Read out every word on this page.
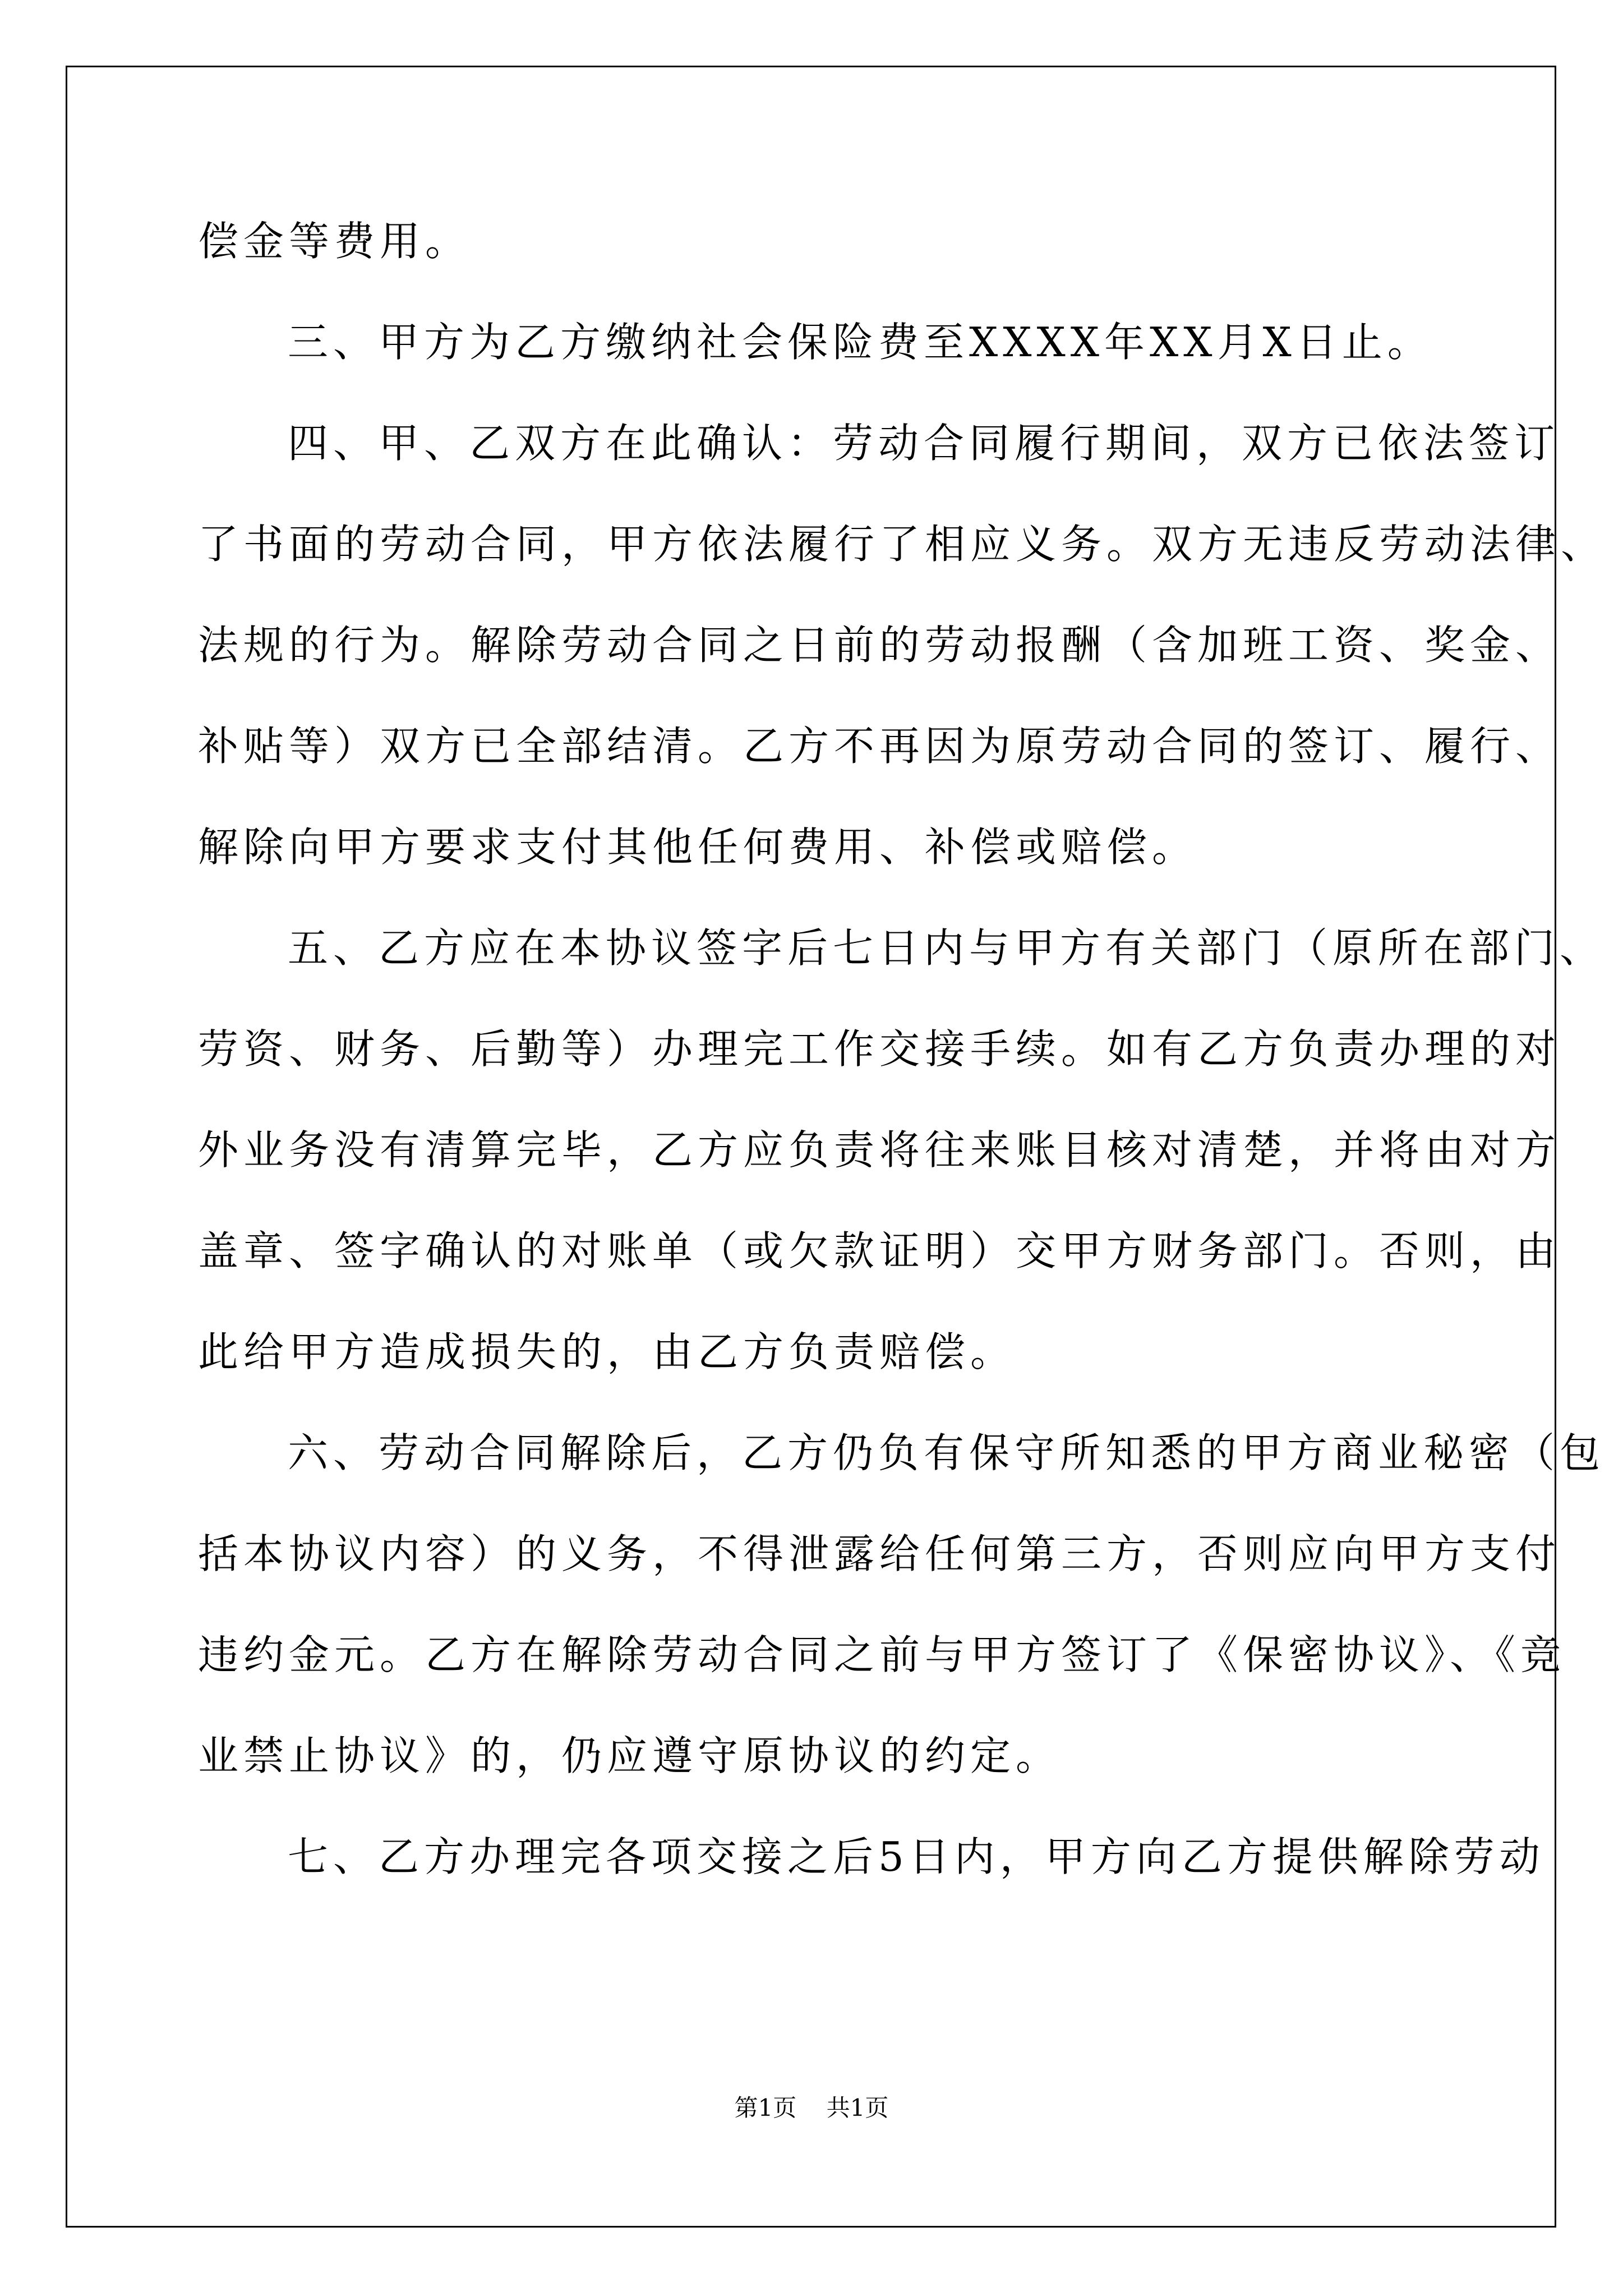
偿金等费用。
三、甲方为乙方缴纳社会保险费至XXXX年XX月X日止。
四、甲、乙双方在此确认：劳动合同履行期间，双方已依法签订
了书面的劳动合同，甲方依法履行了相应义务。双方无违反劳动法律、
法规的行为。解除劳动合同之日前的劳动报酬（含加班工资、奖金、
补贴等）双方已全部结清。乙方不再因为原劳动合同的签订、履行、
解除向甲方要求支付其他任何费用、补偿或赔偿。
五、乙方应在本协议签字后七日内与甲方有关部门（原所在部门、
劳资、财务、后勤等）办理完工作交接手续。如有乙方负责办理的对
外业务没有清算完毕，乙方应负责将往来账目核对清楚，并将由对方
盖章、签字确认的对账单（或欠款证明）交甲方财务部门。否则，由
此给甲方造成损失的，由乙方负责赔偿。
六、劳动合同解除后，乙方仍负有保守所知悉的甲方商业秘密（包
括本协议内容）的义务，不得泄露给任何第三方，否则应向甲方支付
违约金元。乙方在解除劳动合同之前与甲方签订了《保密协议》、《竞
业禁止协议》的，仍应遵守原协议的约定。
七、乙方办理完各项交接之后5日内，甲方向乙方提供解除劳动
第1页 共1页
